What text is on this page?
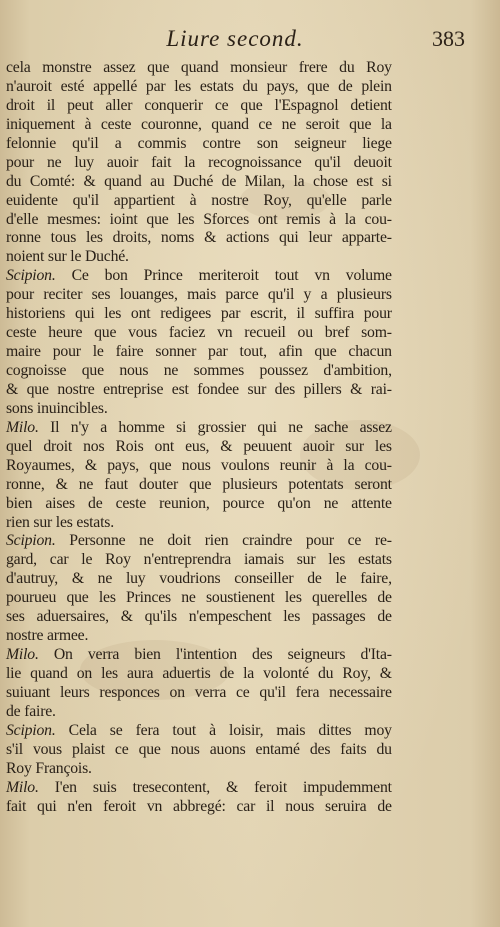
Liure second.	383
cela monstre assez que quand monsieur frere du Roy
n'auroit esté appellé par les estats du pays, que de plein
droit il peut aller conquerir ce que l'Espagnol detient
iniquement à ceste couronne, quand ce ne seroit que la
felonnie qu'il a commis contre son seigneur liege
pour ne luy auoir fait la recognoissance qu'il deuoit
du Comté: & quand au Duché de Milan, la chose est si
euidente qu'il appartient à nostre Roy, qu'elle parle
d'elle mesmes: ioint que les Sforces ont remis à la cou-
ronne tous les droits, noms & actions qui leur apparte-
noient sur le Duché.
Scipion. Ce bon Prince meriteroit tout vn volume
pour reciter ses louanges, mais parce qu'il y a plusieurs
historiens qui les ont redigees par escrit, il suffira pour
ceste heure que vous faciez vn recueil ou bref som-
maire pour le faire sonner par tout, afin que chacun
cognoisse que nous ne sommes poussez d'ambition,
& que nostre entreprise est fondee sur des pillers & rai-
sons inuincibles.
Milo. Il n'y a homme si grossier qui ne sache assez
quel droit nos Rois ont eus, & peuuent auoir sur les
Royaumes, & pays, que nous voulons reunir à la cou-
ronne, & ne faut douter que plusieurs potentats seront
bien aises de ceste reunion, pource qu'on ne attente
rien sur les estats.
Scipion. Personne ne doit rien craindre pour ce re-
gard, car le Roy n'entreprendra iamais sur les estats
d'autruy, & ne luy voudrions conseiller de le faire,
pourueu que les Princes ne soustienent les querelles de
ses aduersaires, & qu'ils n'empeschent les passages de
nostre armee.
Milo. On verra bien l'intention des seigneurs d'Ita-
lie quand on les aura aduertis de la volonté du Roy, &
suiuant leurs responces on verra ce qu'il fera necessaire
de faire.
Scipion. Cela se fera tout à loisir, mais dittes moy
s'il vous plaist ce que nous auons entamé des faits du
Roy François.
Milo. I'en suis tresecontent, & feroit impudemment
fait qui n'en feroit vn abbregé: car il nous seruira de
